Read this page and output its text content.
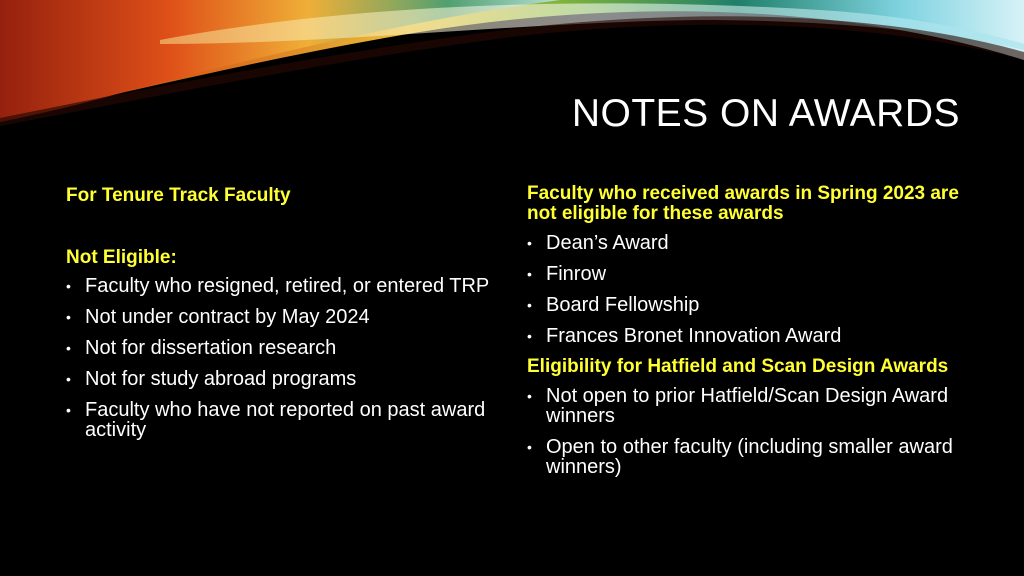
NOTES ON AWARDS

For Tenure Track Faculty

Not Eligible:

• Faculty who resigned, retired, or entered TRP
• Not under contract by May 2024
• Not for dissertation research
• Not for study abroad programs
• Faculty who have not reported on past award activity

Faculty who received awards in Spring 2023 are not eligible for these awards

• Dean’s Award
• Finrow
• Board Fellowship
• Frances Bronet Innovation Award

Eligibility for Hatfield and Scan Design Awards

• Not open to prior Hatfield/Scan Design Award winners
• Open to other faculty (including smaller award winners)
